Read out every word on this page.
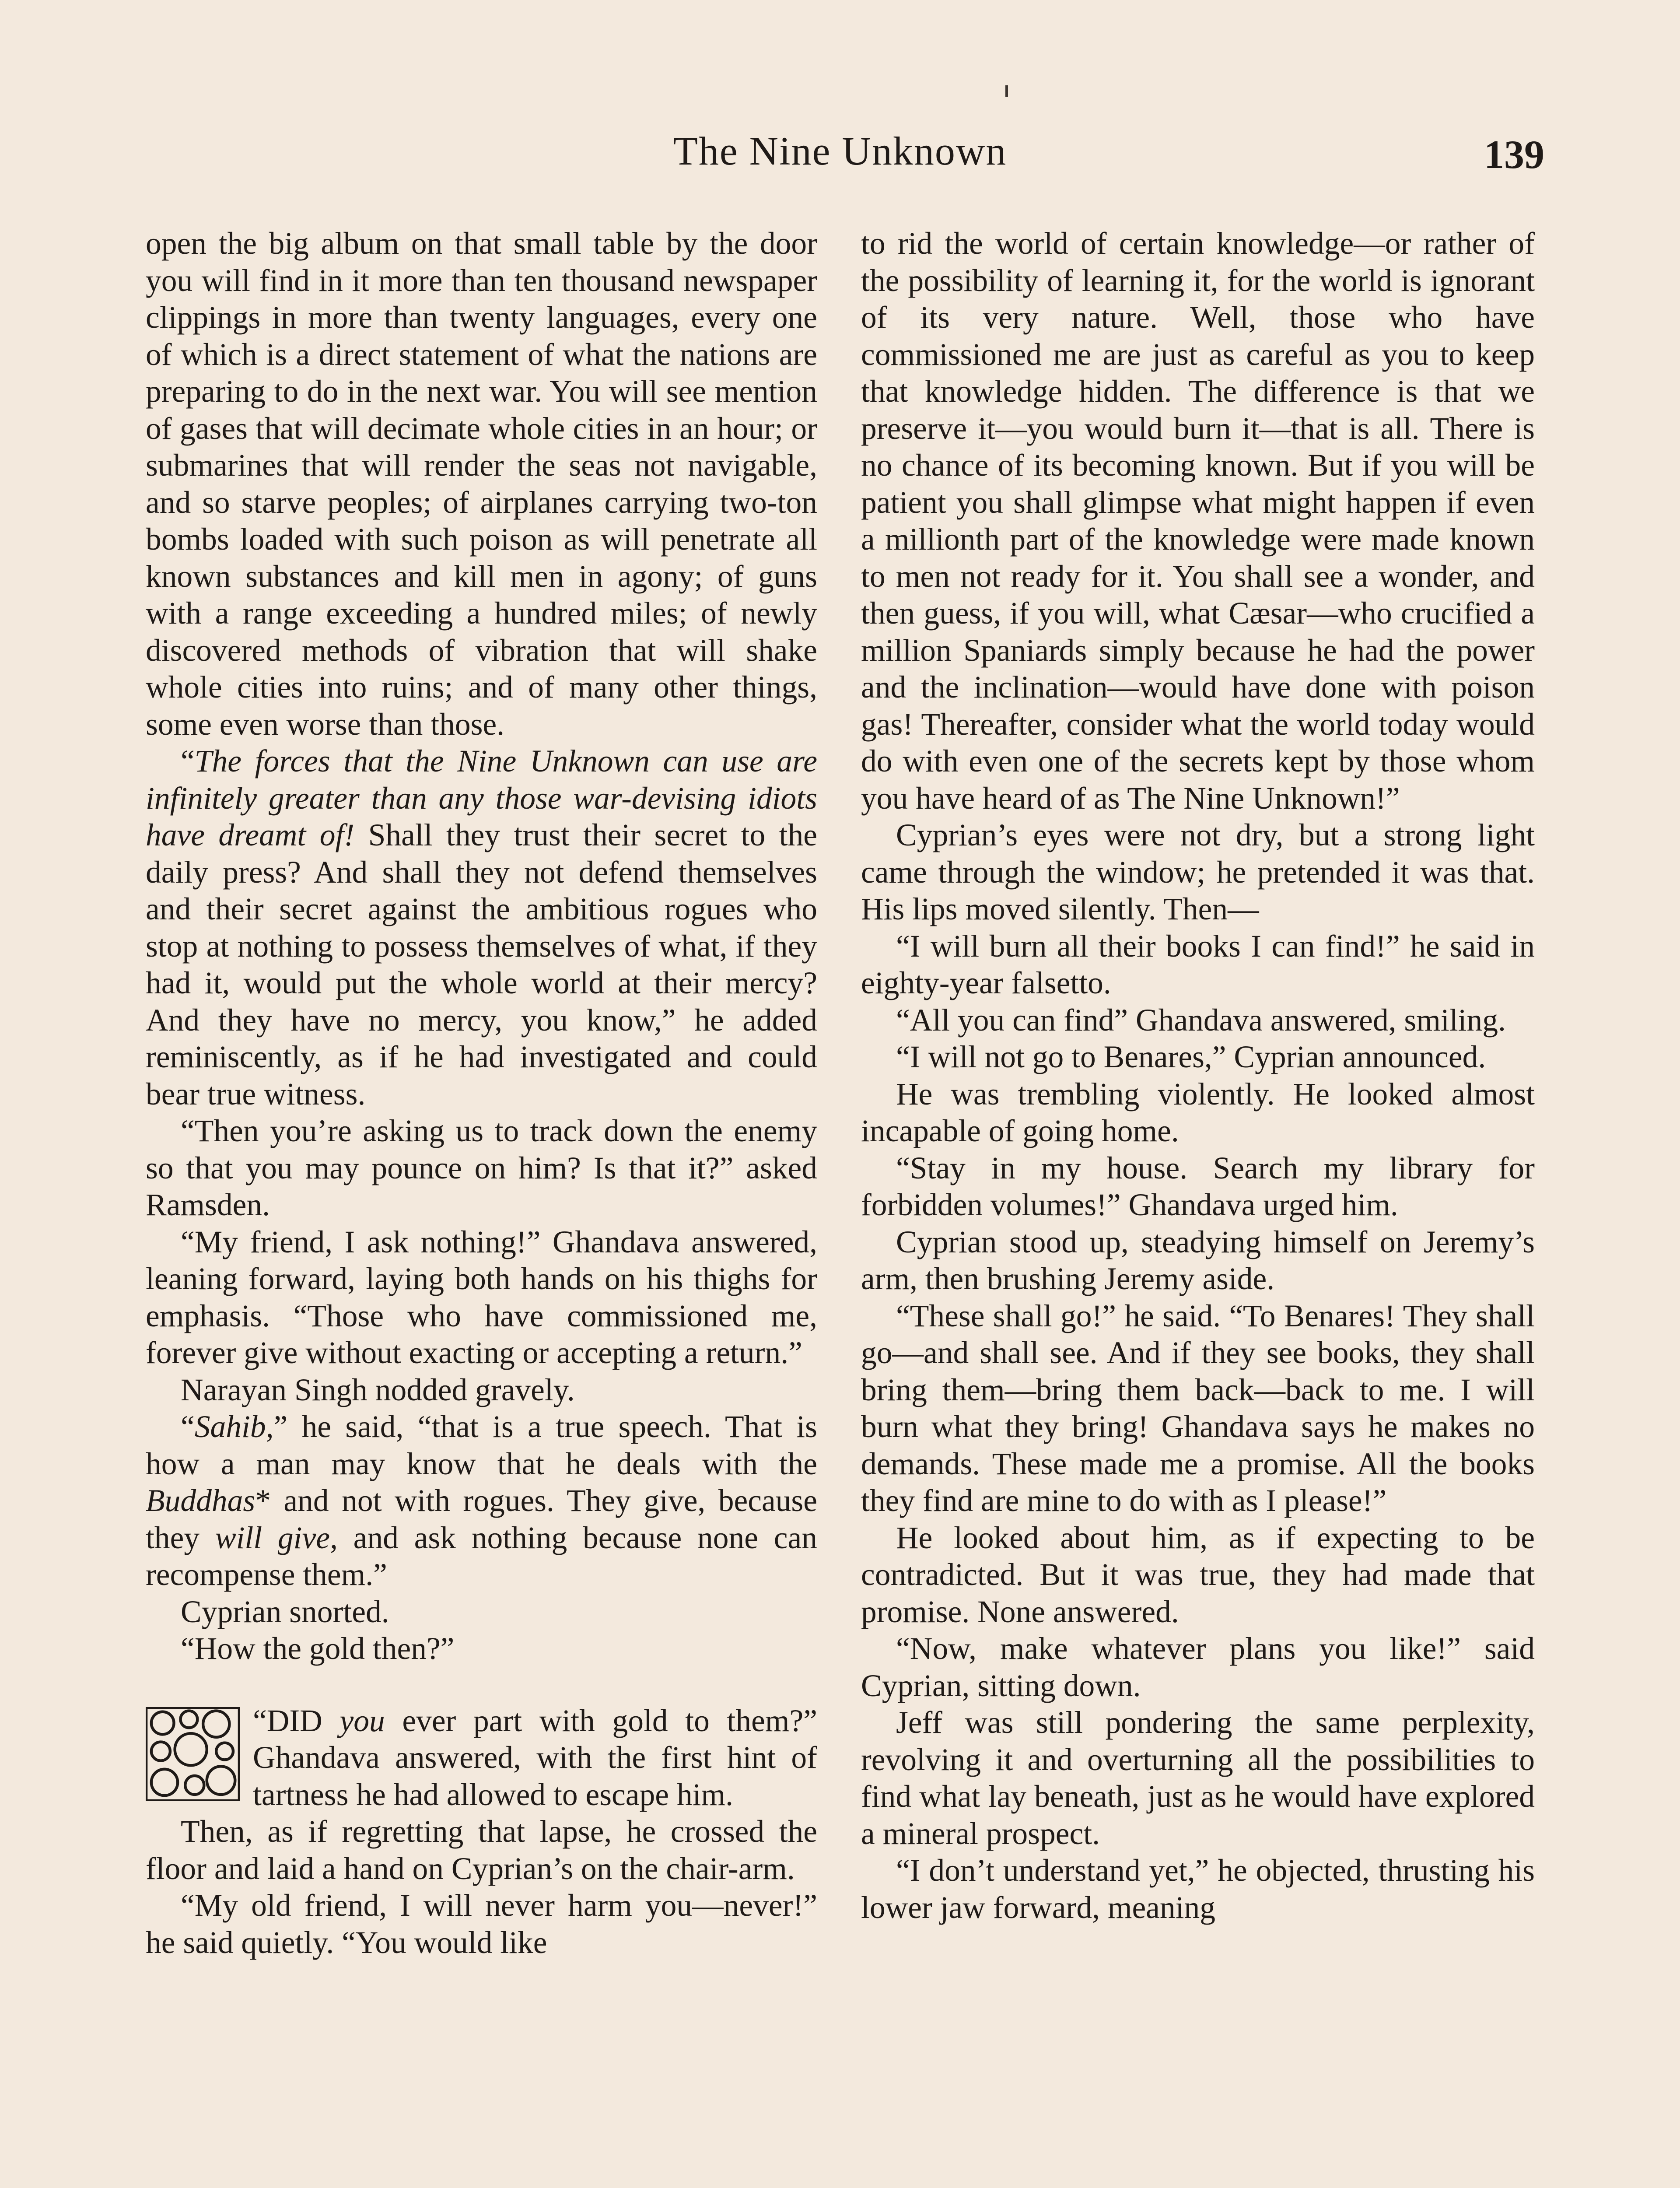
The Nine Unknown	139

open the big album on that small table by the door you will find in it more than ten thousand newspaper clippings in more than twenty languages, every one of which is a direct statement of what the nations are preparing to do in the next war. You will see mention of gases that will decimate whole cities in an hour; or submarines that will render the seas not navigable, and so starve peoples; of airplanes carrying two-ton bombs loaded with such poison as will penetrate all known substances and kill men in agony; of guns with a range exceeding a hundred miles; of newly discovered methods of vibration that will shake whole cities into ruins; and of many other things, some even worse than those.

“The forces that the Nine Unknown can use are infinitely greater than any those war-devising idiots have dreamt of! Shall they trust their secret to the daily press? And shall they not defend themselves and their secret against the ambitious rogues who stop at nothing to possess themselves of what, if they had it, would put the whole world at their mercy? And they have no mercy, you know,” he added reminiscently, as if he had investigated and could bear true witness.

“Then you’re asking us to track down the enemy so that you may pounce on him? Is that it?” asked Ramsden.

“My friend, I ask nothing!” Ghandava answered, leaning forward, laying both hands on his thighs for emphasis. “Those who have commissioned me, forever give without exacting or accepting a return.”

Narayan Singh nodded gravely.

“Sahib,” he said, “that is a true speech. That is how a man may know that he deals with the Buddhas* and not with rogues. They give, because they will give, and ask nothing because none can recompense them.”

Cyprian snorted.

“How the gold then?”

“DID you ever part with gold to them?” Ghandava answered, with the first hint of tartness he had allowed to escape him.

Then, as if regretting that lapse, he crossed the floor and laid a hand on Cyprian’s on the chair-arm.

“My old friend, I will never harm you—never!” he said quietly. “You would like

to rid the world of certain knowledge—or rather of the possibility of learning it, for the world is ignorant of its very nature. Well, those who have commissioned me are just as careful as you to keep that knowledge hidden. The difference is that we preserve it—you would burn it—that is all. There is no chance of its becoming known. But if you will be patient you shall glimpse what might happen if even a millionth part of the knowledge were made known to men not ready for it. You shall see a wonder, and then guess, if you will, what Cæsar—who crucified a million Spaniards simply because he had the power and the inclination—would have done with poison gas! Thereafter, consider what the world today would do with even one of the secrets kept by those whom you have heard of as The Nine Unknown!”

Cyprian’s eyes were not dry, but a strong light came through the window; he pretended it was that. His lips moved silently. Then—

“I will burn all their books I can find!” he said in eighty-year falsetto.

“All you can find” Ghandava answered, smiling.

“I will not go to Benares,” Cyprian announced.

He was trembling violently. He looked almost incapable of going home.

“Stay in my house. Search my library for forbidden volumes!” Ghandava urged him.

Cyprian stood up, steadying himself on Jeremy’s arm, then brushing Jeremy aside.

“These shall go!” he said. “To Benares! They shall go—and shall see. And if they see books, they shall bring them—bring them back—back to me. I will burn what they bring! Ghandava says he makes no demands. These made me a promise. All the books they find are mine to do with as I please!”

He looked about him, as if expecting to be contradicted. But it was true, they had made that promise. None answered.

“Now, make whatever plans you like!” said Cyprian, sitting down.

Jeff was still pondering the same perplexity, revolving it and overturning all the possibilities to find what lay beneath, just as he would have explored a mineral prospect.

“I don’t understand yet,” he objected, thrusting his lower jaw forward, meaning
